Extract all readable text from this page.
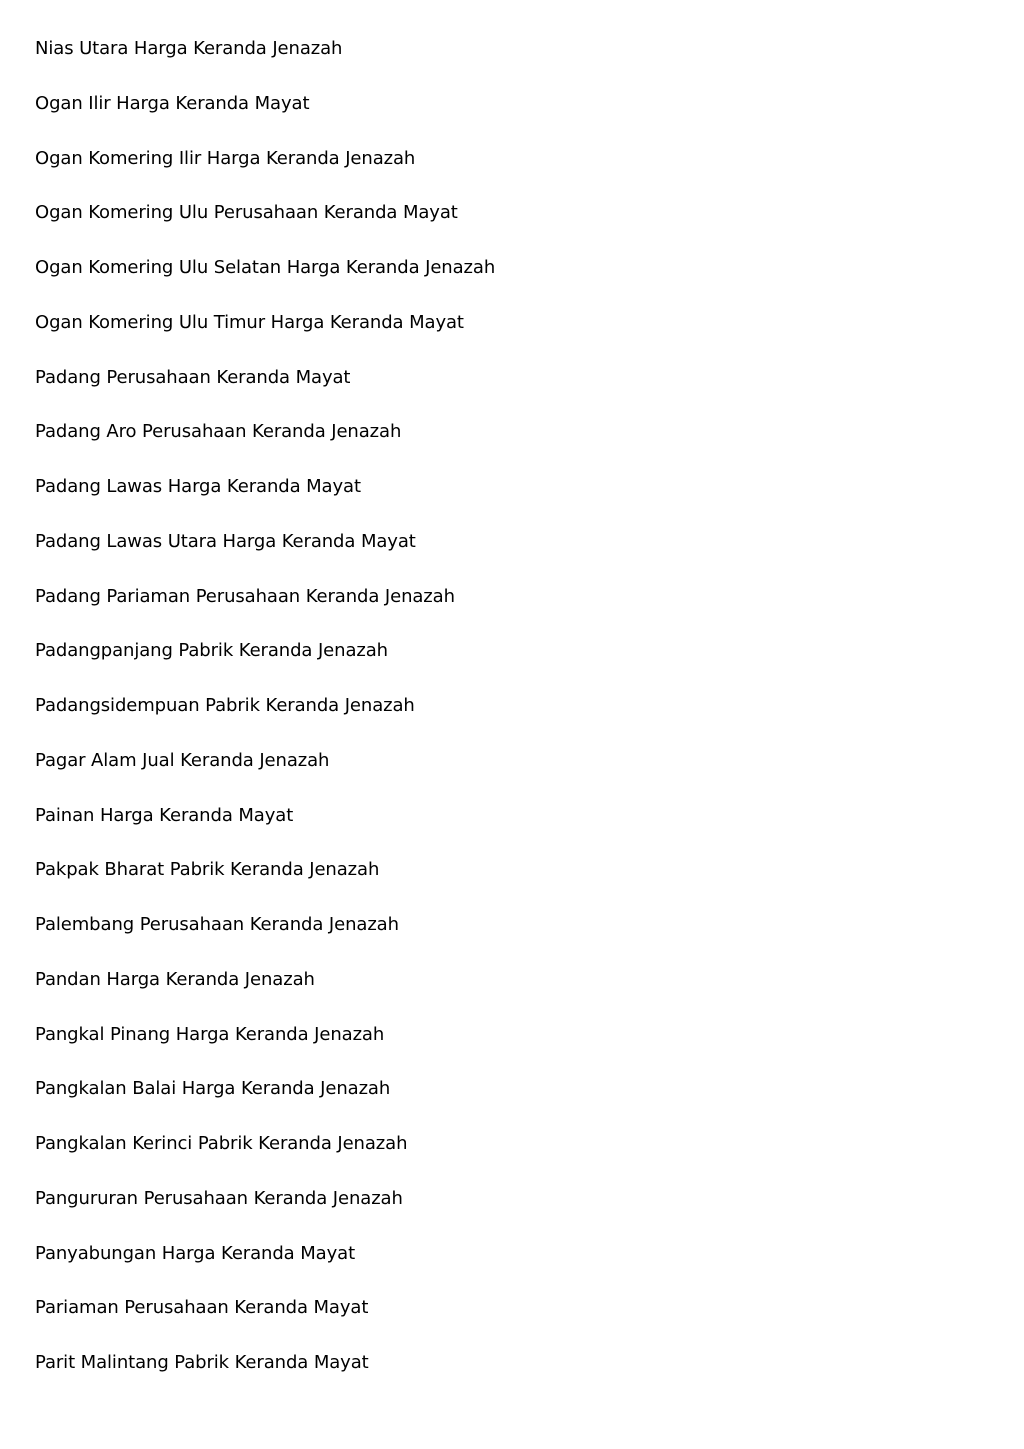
Nias Utara Harga Keranda Jenazah
Ogan Ilir Harga Keranda Mayat
Ogan Komering Ilir Harga Keranda Jenazah
Ogan Komering Ulu Perusahaan Keranda Mayat
Ogan Komering Ulu Selatan Harga Keranda Jenazah
Ogan Komering Ulu Timur Harga Keranda Mayat
Padang Perusahaan Keranda Mayat
Padang Aro Perusahaan Keranda Jenazah
Padang Lawas Harga Keranda Mayat
Padang Lawas Utara Harga Keranda Mayat
Padang Pariaman Perusahaan Keranda Jenazah
Padangpanjang Pabrik Keranda Jenazah
Padangsidempuan Pabrik Keranda Jenazah
Pagar Alam Jual Keranda Jenazah
Painan Harga Keranda Mayat
Pakpak Bharat Pabrik Keranda Jenazah
Palembang Perusahaan Keranda Jenazah
Pandan Harga Keranda Jenazah
Pangkal Pinang Harga Keranda Jenazah
Pangkalan Balai Harga Keranda Jenazah
Pangkalan Kerinci Pabrik Keranda Jenazah
Pangururan Perusahaan Keranda Jenazah
Panyabungan Harga Keranda Mayat
Pariaman Perusahaan Keranda Mayat
Parit Malintang Pabrik Keranda Mayat
